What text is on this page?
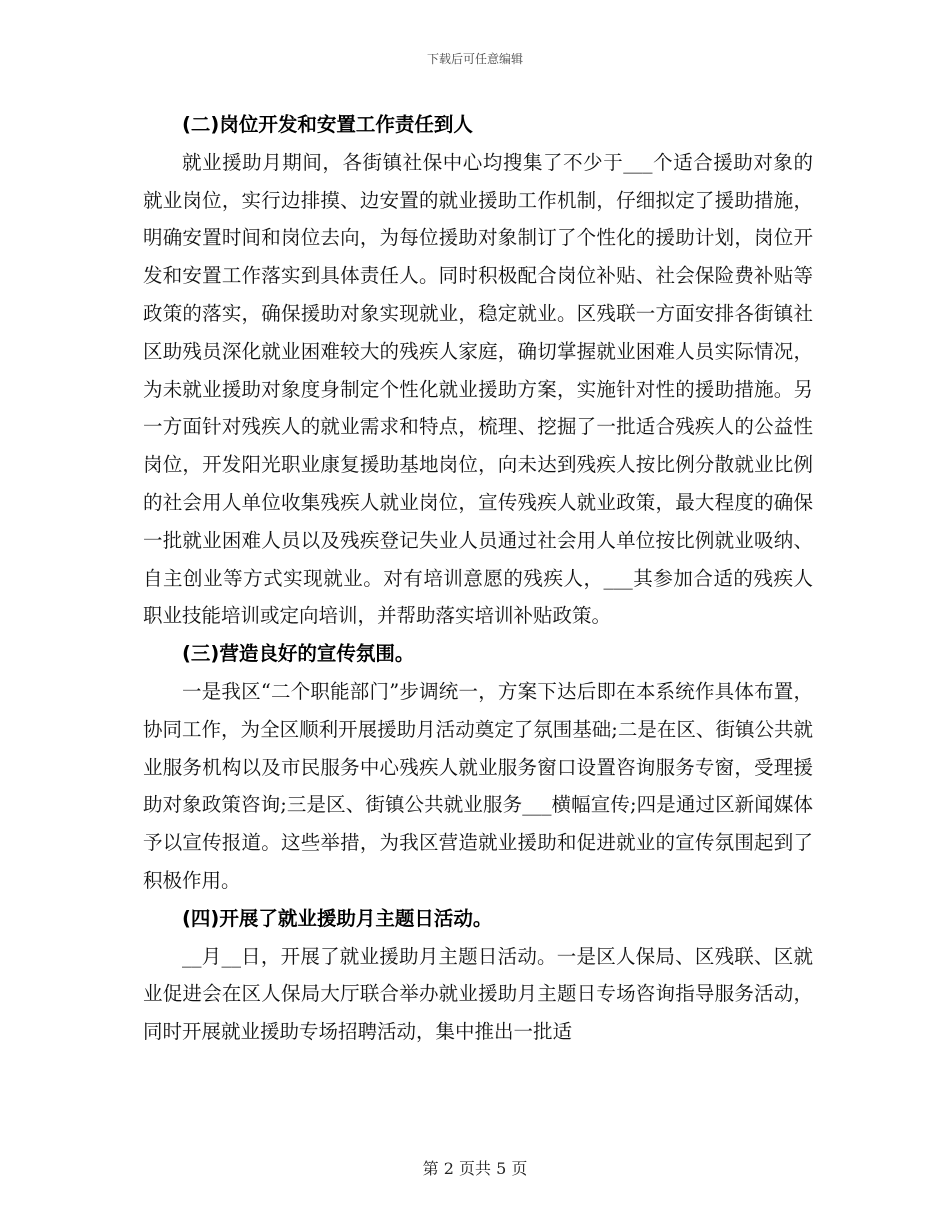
下载后可任意编辑

(二)岗位开发和安置工作责任到人

就业援助月期间，各街镇社保中心均搜集了不少于___个适合援助对象的就业岗位，实行边排摸、边安置的就业援助工作机制，仔细拟定了援助措施，明确安置时间和岗位去向，为每位援助对象制订了个性化的援助计划，岗位开发和安置工作落实到具体责任人。同时积极配合岗位补贴、社会保险费补贴等政策的落实，确保援助对象实现就业，稳定就业。区残联一方面安排各街镇社区助残员深化就业困难较大的残疾人家庭，确切掌握就业困难人员实际情况，为未就业援助对象度身制定个性化就业援助方案，实施针对性的援助措施。另一方面针对残疾人的就业需求和特点，梳理、挖掘了一批适合残疾人的公益性岗位，开发阳光职业康复援助基地岗位，向未达到残疾人按比例分散就业比例的社会用人单位收集残疾人就业岗位，宣传残疾人就业政策，最大程度的确保一批就业困难人员以及残疾登记失业人员通过社会用人单位按比例就业吸纳、自主创业等方式实现就业。对有培训意愿的残疾人，___其参加合适的残疾人职业技能培训或定向培训，并帮助落实培训补贴政策。

(三)营造良好的宣传氛围。

一是我区“二个职能部门”步调统一，方案下达后即在本系统作具体布置，协同工作，为全区顺利开展援助月活动奠定了氛围基础;二是在区、街镇公共就业服务机构以及市民服务中心残疾人就业服务窗口设置咨询服务专窗，受理援助对象政策咨询;三是区、街镇公共就业服务___横幅宣传;四是通过区新闻媒体予以宣传报道。这些举措，为我区营造就业援助和促进就业的宣传氛围起到了积极作用。

(四)开展了就业援助月主题日活动。

__月__日，开展了就业援助月主题日活动。一是区人保局、区残联、区就业促进会在区人保局大厅联合举办就业援助月主题日专场咨询指导服务活动，同时开展就业援助专场招聘活动，集中推出一批适

第 2 页共 5 页
